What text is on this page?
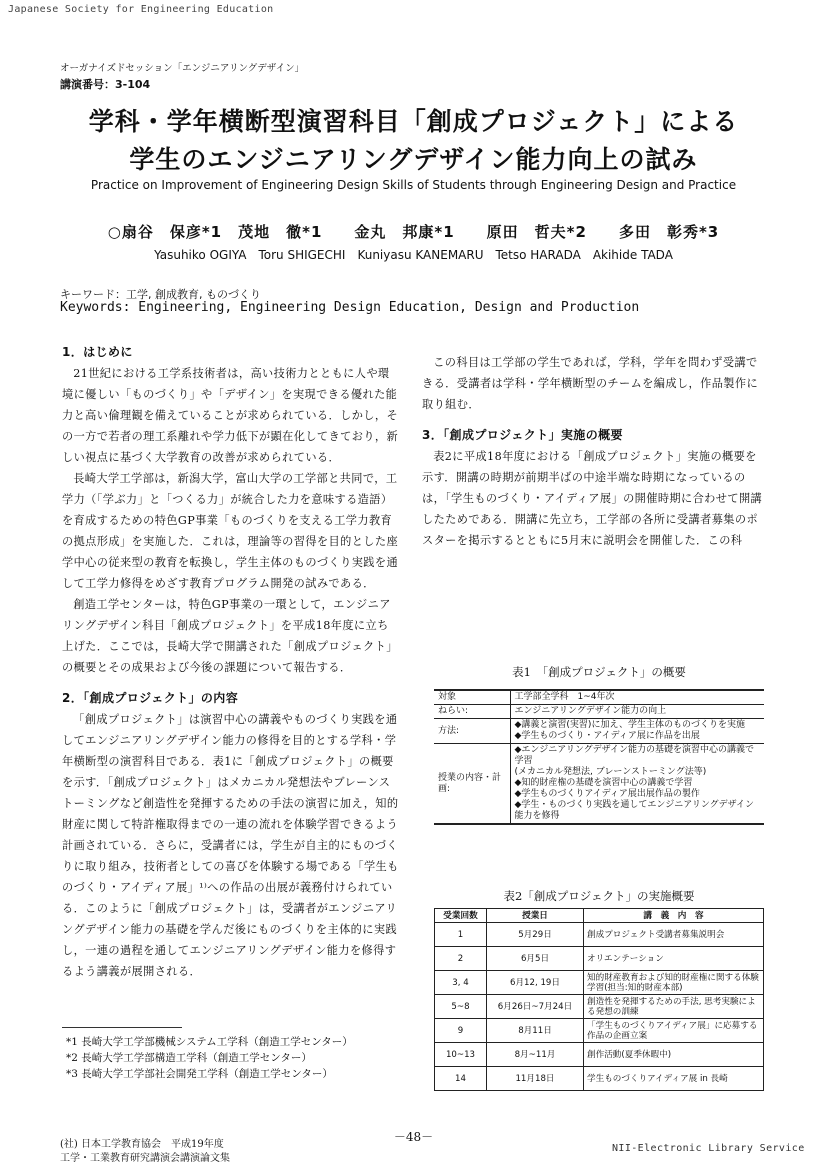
Japanese Society for Engineering Education
オーガナイズドセッション「エンジニアリングデザイン」
講演番号：3-104
学科・学年横断型演習科目「創成プロジェクト」による
学生のエンジニアリングデザイン能力向上の試み
Practice on Improvement of Engineering Design Skills of Students through Engineering Design and Practice
○扇谷　保彦*1　茂地　徹*1　　金丸　邦康*1　　原田　哲夫*2　　多田　彰秀*3
Yasuhiko OGIYA　Toru SHIGECHI　Kuniyasu KANEMARU　Tetso HARADA　Akihide TADA
キーワード：工学, 創成教育, ものづくり
Keywords: Engineering, Engineering Design Education, Design and Production
1．はじめに
21世紀における工学系技術者は，高い技術力とともに人や環境に優しい「ものづくり」や「デザイン」を実現できる優れた能力と高い倫理観を備えていることが求められている．しかし，その一方で若者の理工系離れや学力低下が顕在化してきており，新しい視点に基づく大学教育の改善が求められている．
長崎大学工学部は，新潟大学，富山大学の工学部と共同で，工学力（「学ぶ力」と「つくる力」が統合した力を意味する造語）を育成するための特色GP事業「ものづくりを支える工学力教育の拠点形成」を実施した．これは，理論等の習得を目的とした座学中心の従来型の教育を転換し，学生主体のものづくり実践を通して工学力修得をめざす教育プログラム開発の試みである．
創造工学センターは，特色GP事業の一環として，エンジニアリングデザイン科目「創成プロジェクト」を平成18年度に立ち上げた．ここでは，長崎大学で開講された「創成プロジェクト」の概要とその成果および今後の課題について報告する．
2．「創成プロジェクト」の内容
「創成プロジェクト」は演習中心の講義やものづくり実践を通してエンジニアリングデザイン能力の修得を目的とする学科・学年横断型の演習科目である．表1に「創成プロジェクト」の概要を示す．「創成プロジェクト」はメカニカル発想法やブレーンストーミングなど創造性を発揮するための手法の演習に加え，知的財産に関して特許権取得までの一連の流れを体験学習できるよう計画されている．さらに，受講者には，学生が自主的にものづくりに取り組み，技術者としての喜びを体験する場である「学生ものづくり・アイディア展」¹⁾への作品の出展が義務付けられている．このように「創成プロジェクト」は，受講者がエンジニアリングデザイン能力の基礎を学んだ後にものづくりを主体的に実践し，一連の過程を通してエンジニアリングデザイン能力を修得するよう講義が展開される．
この科目は工学部の学生であれば，学科，学年を問わず受講できる．受講者は学科・学年横断型のチームを編成し，作品製作に取り組む．
3．「創成プロジェクト」実施の概要
表2に平成18年度における「創成プロジェクト」実施の概要を示す．開講の時期が前期半ばの中途半端な時期になっているのは，「学生ものづくり・アイディア展」の開催時期に合わせて開講したためである．開講に先立ち，工学部の各所に受講者募集のポスターを掲示するとともに5月末に説明会を開催した．この科
表1　「創成プロジェクト」の概要
対象	工学部全学科　1~4年次
ねらい:	エンジニアリングデザイン能力の向上
方法:	◆講義と演習(実習)に加え、学生主体のものづくりを実施
◆学生ものづくり・アイディア展に作品を出展
授業の内容・計画:	◆エンジニアリングデザイン能力の基礎を演習中心の講義で学習
(メカニカル発想法, ブレーンストーミング法等)
◆知的財産権の基礎を演習中心の講義で学習
◆学生ものづくりアイディア展出展作品の製作
◆学生・ものづくり実践を通してエンジニアリングデザイン能力を修得
表2「創成プロジェクト」の実施概要
受業回数	授業日	講　義　内　容
1	5月29日	創成プロジェクト受講者募集説明会
2	6月5日	オリエンテーション
3, 4	6月12, 19日	知的財産教育および知的財産権に関する体験学習(担当:知的財産本部)
5~8	6月26日~7月24日	創造性を発揮するための手法, 思考実験による発想の訓練
9	8月11日	「学生ものづくりアイディア展」に応募する作品の企画立案
10~13	8月~11月	創作活動(夏季休暇中)
14	11月18日	学生ものづくりアイディア展 in 長崎
*1 長崎大学工学部機械システム工学科（創造工学センター）
*2 長崎大学工学部構造工学科（創造工学センター）
*3 長崎大学工学部社会開発工学科（創造工学センター）
－48－
(社) 日本工学教育協会　平成19年度
工学・工業教育研究講演会講演論文集
NII-Electronic Library Service
